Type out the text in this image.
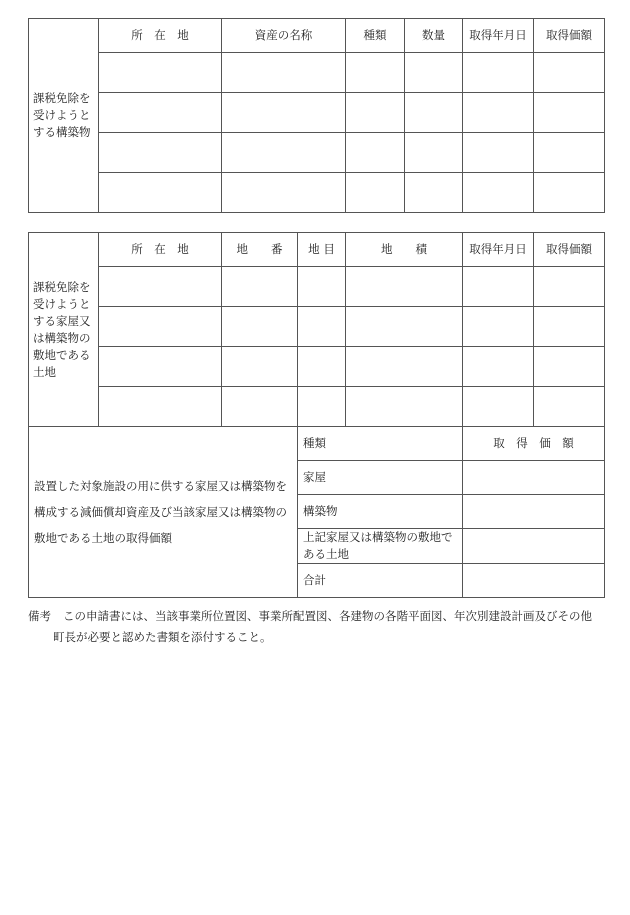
課税免除を受けようとする構築物	所　在　地	資産の名称	種類	数量	取得年月日	取得価額

課税免除を受けようとする家屋又は構築物の敷地である土地	所　在　地	地　　番	地 目	地　　積	取得年月日	取得価額

設置した対象施設の用に供する家屋又は構築物を構成する減価償却資産及び当該家屋又は構築物の敷地である土地の取得価額			種類		取　得　価　額	
			家屋			
			構築物			
			上記家屋又は構築物の敷地である土地			
			合計			
備考 この申請書には、当該事業所位置図、事業所配置図、各建物の各階平面図、年次別建設計画及びその他
町長が必要と認めた書類を添付すること。
